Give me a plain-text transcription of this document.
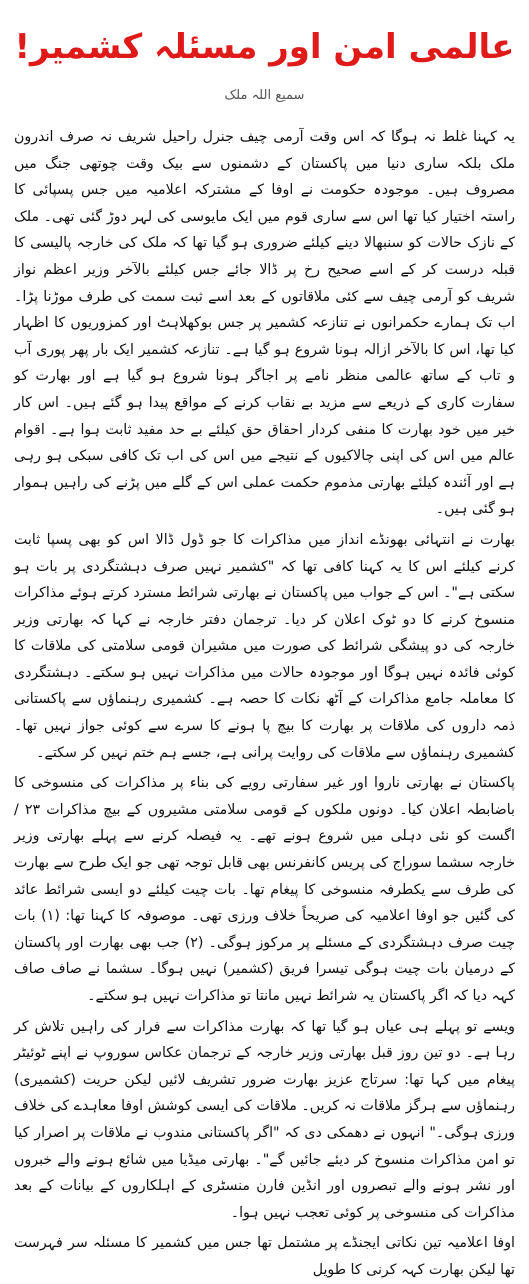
عالمی امن اور مسئلہ کشمیر!
سمیع اللہ ملک

یہ کہنا غلط نہ ہوگا کہ اس وقت آرمی چیف جنرل راحیل شریف نہ صرف اندرون ملک بلکہ ساری دنیا میں پاکستان کے دشمنوں سے بیک وقت چوتھی جنگ میں مصروف ہیں۔ موجودہ حکومت نے اوفا کے مشترکہ اعلامیہ میں جس پسپائی کا راستہ اختیار کیا تھا اس سے ساری قوم میں ایک مایوسی کی لہر دوڑ گئی تھی۔ ملک کے نازک حالات کو سنبھالا دینے کیلئے ضروری ہو گیا تھا کہ ملک کی خارجہ پالیسی کا قبلہ درست کر کے اسے صحیح رخ پر ڈالا جائے جس کیلئے بالآخر وزیر اعظم نواز شریف کو آرمی چیف سے کئی ملاقاتوں کے بعد اسے ثبت سمت کی طرف موڑنا پڑا۔ اب تک ہمارے حکمرانوں نے تنازعہ کشمیر پر جس بوکھلاہٹ اور کمزوریوں کا اظہار کیا تھا، اس کا بالآخر ازالہ ہونا شروع ہو گیا ہے۔ تنازعہ کشمیر ایک بار پھر پوری آب و تاب کے ساتھ عالمی منظر نامے پر اجاگر ہونا شروع ہو گیا ہے اور بھارت کو سفارت کاری کے ذریعے سے مزید بے نقاب کرنے کے مواقع پیدا ہو گئے ہیں۔ اس کار خیر میں خود بھارت کا منفی کردار احقاق حق کیلئے بے حد مفید ثابت ہوا ہے۔ اقوام عالم میں اس کی اپنی چالاکیوں کے نتیجے میں اس کی اب تک کافی سبکی ہو رہی ہے اور آئندہ کیلئے بھارتی مذموم حکمت عملی اس کے گلے میں پڑنے کی راہیں ہموار ہو گئی ہیں۔

بھارت نے انتہائی بھونڈے انداز میں مذاکرات کا جو ڈول ڈالا اس کو بھی پسپا ثابت کرنے کیلئے اس کا یہ کہنا کافی تھا کہ "کشمیر نہیں صرف دہشتگردی پر بات ہو سکتی ہے"۔ اس کے جواب میں پاکستان نے بھارتی شرائط مسترد کرتے ہوئے مذاکرات منسوخ کرنے کا دو ٹوک اعلان کر دیا۔ ترجمان دفتر خارجہ نے کہا کہ بھارتی وزیر خارجہ کی دو پیشگی شرائط کی صورت میں مشیران قومی سلامتی کی ملاقات کا کوئی فائدہ نہیں ہوگا اور موجودہ حالات میں مذاکرات نہیں ہو سکتے۔ دہشتگردی کا معاملہ جامع مذاکرات کے آٹھ نکات کا حصہ ہے۔ کشمیری رہنماؤں سے پاکستانی ذمہ داروں کی ملاقات پر بھارت کا بیچ پا ہونے کا سرے سے کوئی جواز نہیں تھا۔ کشمیری رہنماؤں سے ملاقات کی روایت پرانی ہے، جسے ہم ختم نہیں کر سکتے۔

پاکستان نے بھارتی ناروا اور غیر سفارتی رویے کی بناء پر مذاکرات کی منسوخی کا باضابطہ اعلان کیا۔ دونوں ملکوں کے قومی سلامتی مشیروں کے بیچ مذاکرات ۲۳ / اگست کو نئی دہلی میں شروع ہونے تھے۔ یہ فیصلہ کرنے سے پہلے بھارتی وزیر خارجہ سشما سوراج کی پریس کانفرنس بھی قابل توجہ تھی جو ایک طرح سے بھارت کی طرف سے یکطرفہ منسوخی کا پیغام تھا۔ بات چیت کیلئے دو ایسی شرائط عائد کی گئیں جو اوفا اعلامیہ کی صریحاً خلاف ورزی تھی۔ موصوفہ کا کہنا تھا: (۱) بات چیت صرف دہشتگردی کے مسئلے پر مرکوز ہوگی۔ (۲) جب بھی بھارت اور پاکستان کے درمیان بات چیت ہوگی تیسرا فریق (کشمیر) نہیں ہوگا۔ سشما نے صاف صاف کہہ دیا کہ اگر پاکستان یہ شرائط نہیں مانتا تو مذاکرات نہیں ہو سکتے۔

ویسے تو پہلے ہی عیاں ہو گیا تھا کہ بھارت مذاکرات سے فرار کی راہیں تلاش کر رہا ہے۔ دو تین روز قبل بھارتی وزیر خارجہ کے ترجمان عکاس سوروپ نے اپنے ٹوئیٹر پیغام میں کہا تھا: سرتاج عزیز بھارت ضرور تشریف لائیں لیکن حریت (کشمیری) رہنماؤں سے ہرگز ملاقات نہ کریں۔ ملاقات کی ایسی کوشش اوفا معاہدے کی خلاف ورزی ہوگی۔" انہوں نے دھمکی دی کہ "اگر پاکستانی مندوب نے ملاقات پر اصرار کیا تو امن مذاکرات منسوخ کر دیئے جائیں گے"۔ بھارتی میڈیا میں شائع ہونے والے خبروں اور نشر ہونے والے تبصروں اور انڈین فارن منسٹری کے اہلکاروں کے بیانات کے بعد مذاکرات کی منسوخی پر کوئی تعجب نہیں ہوا۔

اوفا اعلامیہ تین نکاتی ایجنڈے پر مشتمل تھا جس میں کشمیر کا مسئلہ سر فہرست تھا لیکن بھارت کہہ کرنی کا طویل
